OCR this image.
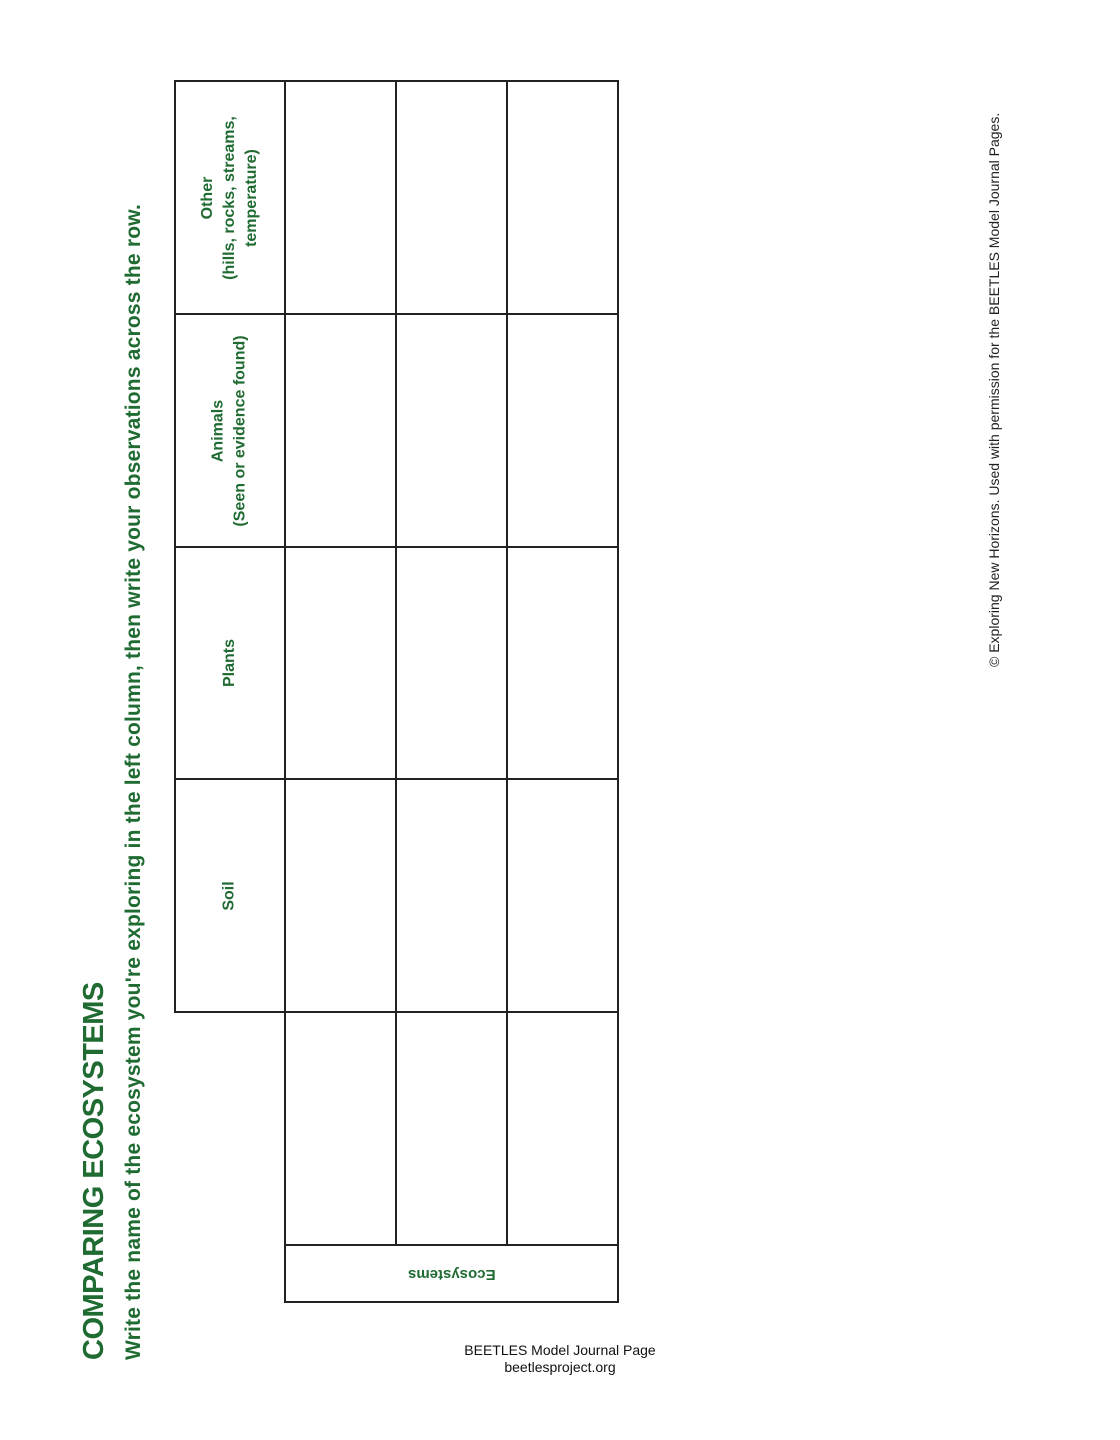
COMPARING ECOSYSTEMS Write the name of the ecosystem you're exploring in the left column, then write your observations across the row.	© Exploring New Horizons. Used with permission for the BEETLES Model Journal Pages.
Other (hills, rocks, streams, temperature)
Animals (Seen or evidence found)
Plants
Soil
Ecosystems
BEETLES Model Journal Page
beetlesproject.org
